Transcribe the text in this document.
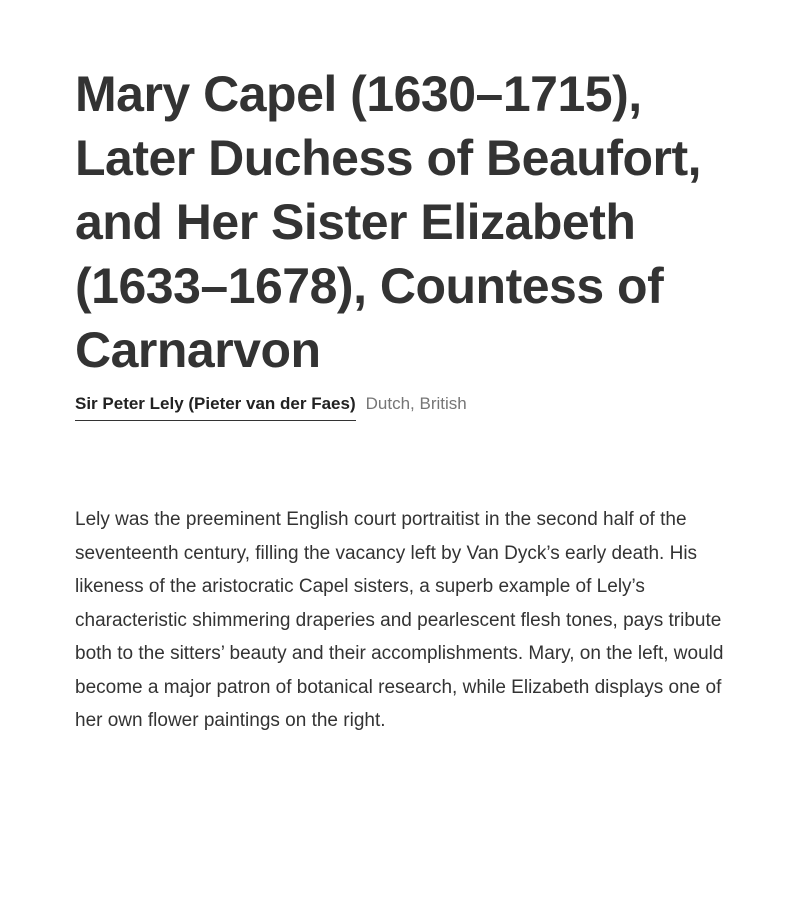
Mary Capel (1630–1715), Later Duchess of Beaufort, and Her Sister Elizabeth (1633–1678), Countess of Carnarvon
Sir Peter Lely (Pieter van der Faes) Dutch, British

Lely was the preeminent English court portraitist in the second half of the seventeenth century, filling the vacancy left by Van Dyck’s early death. His likeness of the aristocratic Capel sisters, a superb example of Lely’s characteristic shimmering draperies and pearlescent flesh tones, pays tribute both to the sitters’ beauty and their accomplishments. Mary, on the left, would become a major patron of botanical research, while Elizabeth displays one of her own flower paintings on the right.
